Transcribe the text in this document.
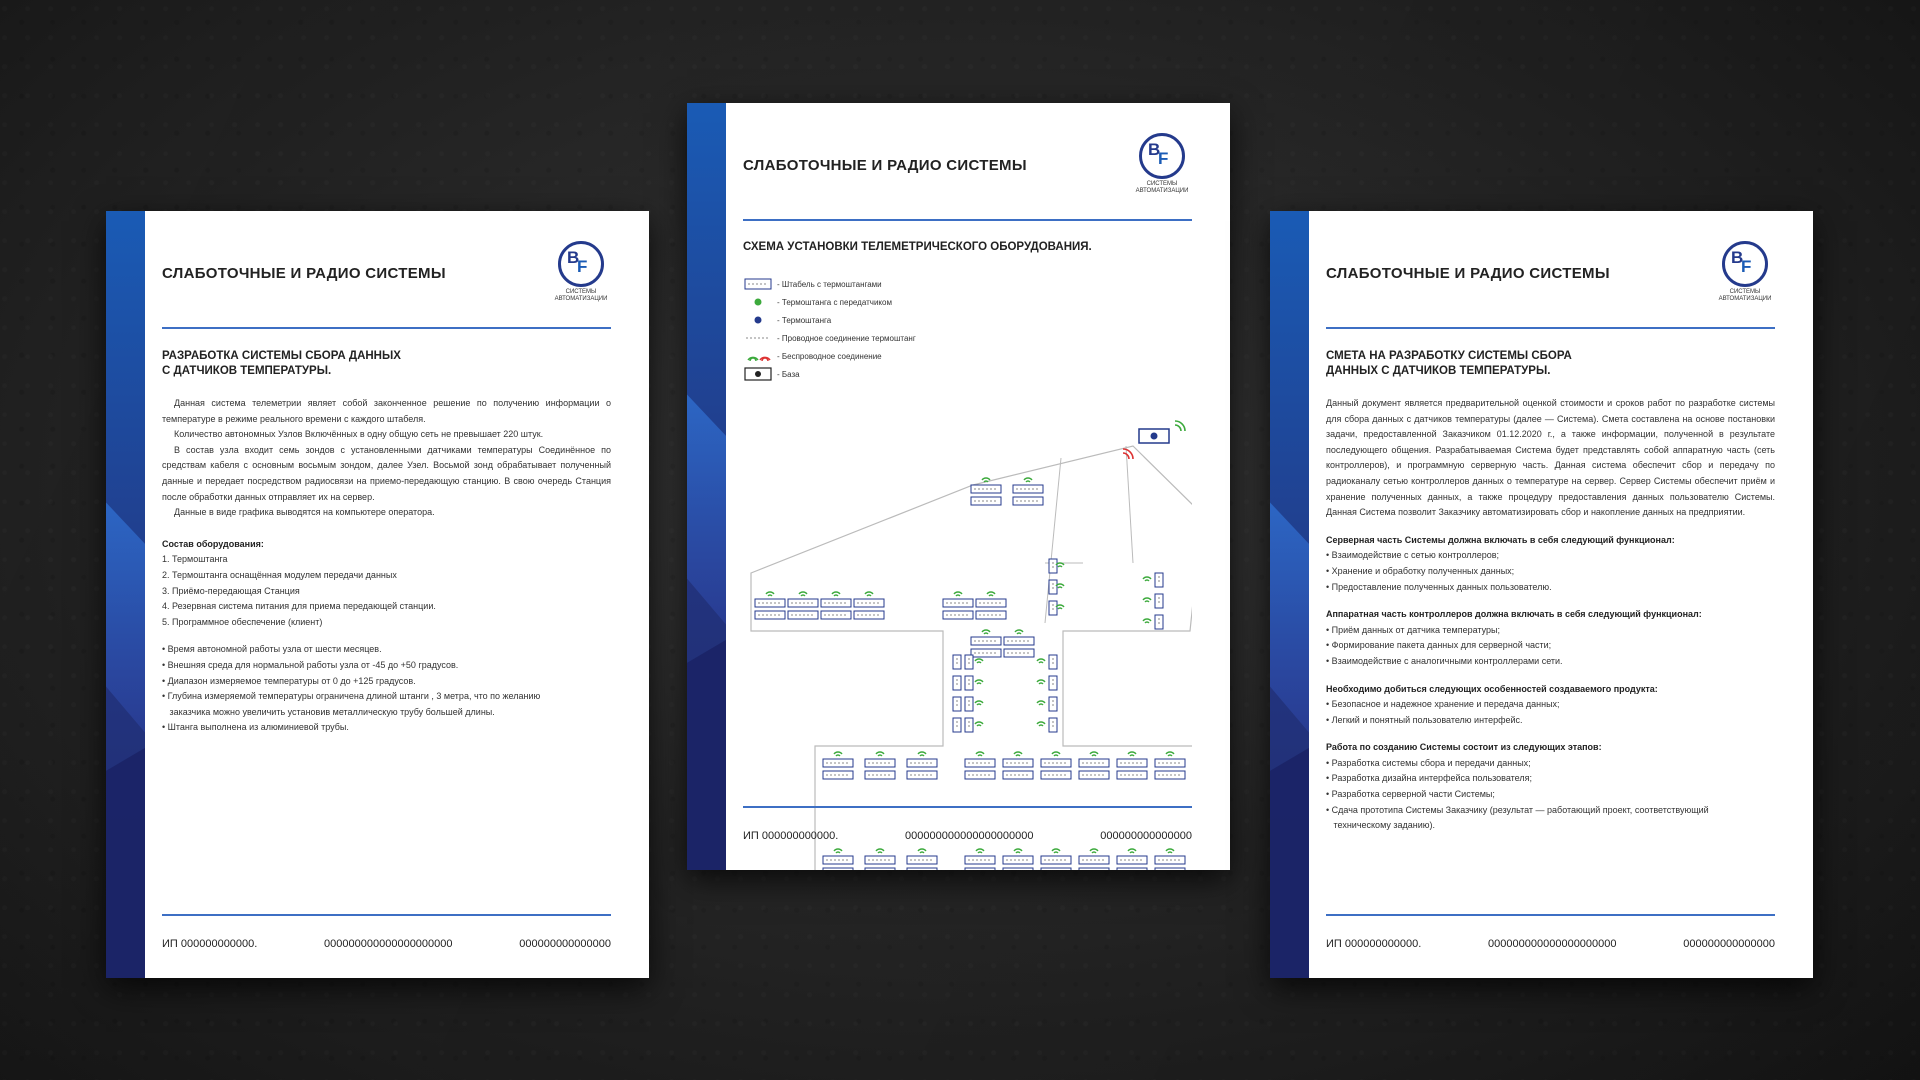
СЛАБОТОЧНЫЕ И РАДИО СИСТЕМЫ
B
F
СИСТЕМЫ
АВТОМАТИЗАЦИИ
РАЗРАБОТКА СИСТЕМЫ СБОРА ДАННЫХ
С ДАТЧИКОВ ТЕМПЕРАТУРЫ.

Данная система телеметрии являет собой законченное решение по получению информации о температуре в режиме реального времени с каждого штабеля.

Количество автономных Узлов Включённых в одну общую сеть не превышает 220 штук.

В состав узла входит семь зондов с установленными датчиками температуры Соединённое по средствам кабеля с основным восьмым зондом, далее Узел. Восьмой зонд обрабатывает полученный данные и передает посредством радиосвязи на приемо-передающую станцию. В свою очередь Станция после обработки данных отправляет их на сервер.

Данные в виде графика выводятся на компьютере оператора.

Состав оборудования:

1. Термоштанга

2. Термоштанга оснащённая модулем передачи данных

3. Приёмо-передающая Станция

4. Резервная система питания для приема передающей станции.

5. Программное обеспечение (клиент)

• Время автономной работы узла от шести месяцев.

• Внешняя среда для нормальной работы узла от -45 до +50 градусов.

• Диапазон измеряемое температуры от 0 до +125 градусов.

• Глубина измеряемой температуры ограничена длиной штанги , 3 метра, что по желанию

заказчика можно увеличить установив металлическую трубу большей длины.

• Штанга выполнена из алюминиевой трубы.

ИП 000000000000.	000000000000000000000	000000000000000
СЛАБОТОЧНЫЕ И РАДИО СИСТЕМЫ
B
F
СИСТЕМЫ
АВТОМАТИЗАЦИИ
СХЕМА УСТАНОВКИ ТЕЛЕМЕТРИЧЕСКОГО ОБОРУДОВАНИЯ.
- Штабель с термоштангами
- Термоштанга с передатчиком
- Термоштанга
- Проводное соединение термоштанг
- Беспроводное соединение
- База
ИП 000000000000.	000000000000000000000	000000000000000
СЛАБОТОЧНЫЕ И РАДИО СИСТЕМЫ
B
F
СИСТЕМЫ
АВТОМАТИЗАЦИИ
СМЕТА НА РАЗРАБОТКУ СИСТЕМЫ СБОРА
ДАННЫХ С ДАТЧИКОВ ТЕМПЕРАТУРЫ.

Данный документ является предварительной оценкой стоимости и сроков работ по разработке системы для сбора данных с датчиков температуры (далее — Система). Смета составлена на основе постановки задачи, предоставленной Заказчиком 01.12.2020 г., а также информации, полученной в результате последующего общения. Разрабатываемая Система будет представлять собой аппаратную часть (сеть контроллеров), и программную серверную часть. Данная система обеспечит сбор и передачу по радиоканалу сетью контроллеров данных о температуре на сервер. Сервер Системы обеспечит приём и хранение полученных данных, а также процедуру предоставления данных пользователю Системы. Данная Система позволит Заказчику автоматизировать сбор и накопление данных на предприятии.

Серверная часть Системы должна включать в себя следующий функционал:

• Взаимодействие с сетью контроллеров;

• Хранение и обработку полученных данных;

• Предоставление полученных данных пользователю.

Аппаратная часть контроллеров должна включать в себя следующий функционал:

• Приём данных от датчика температуры;

• Формирование пакета данных для серверной части;

• Взаимодействие с аналогичными контроллерами сети.

Необходимо добиться следующих особенностей создаваемого продукта:

• Безопасное и надежное хранение и передача данных;

• Легкий и понятный пользователю интерфейс.

Работа по созданию Системы состоит из следующих этапов:

• Разработка системы сбора и передачи данных;

• Разработка дизайна интерфейса пользователя;

• Разработка серверной части Системы;

• Сдача прототипа Системы Заказчику (результат — работающий проект, соответствующий

техническому заданию).

ИП 000000000000.	000000000000000000000	000000000000000
